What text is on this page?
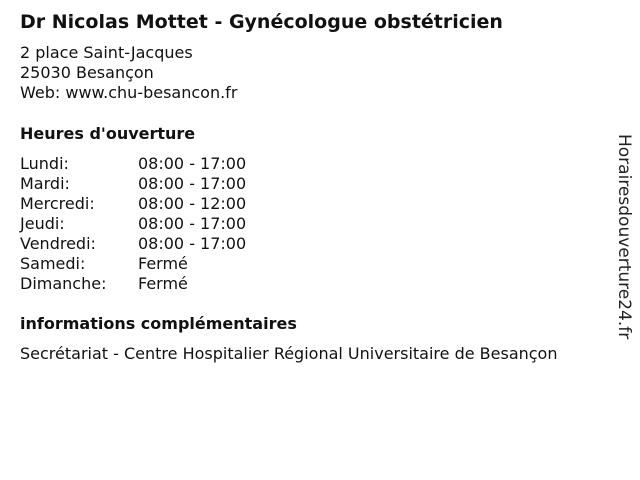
Dr Nicolas Mottet - Gynécologue obstétricien
2 place Saint-Jacques
25030 Besançon
Web: www.chu-besancon.fr
Heures d'ouverture
Lundi:	08:00 - 17:00
Mardi:	08:00 - 17:00
Mercredi:	08:00 - 12:00
Jeudi:	08:00 - 17:00
Vendredi:	08:00 - 17:00
Samedi:	Fermé
Dimanche: Fermé
informations complémentaires
Secrétariat - Centre Hospitalier Régional Universitaire de Besançon
Horairesdouverture24.fr
